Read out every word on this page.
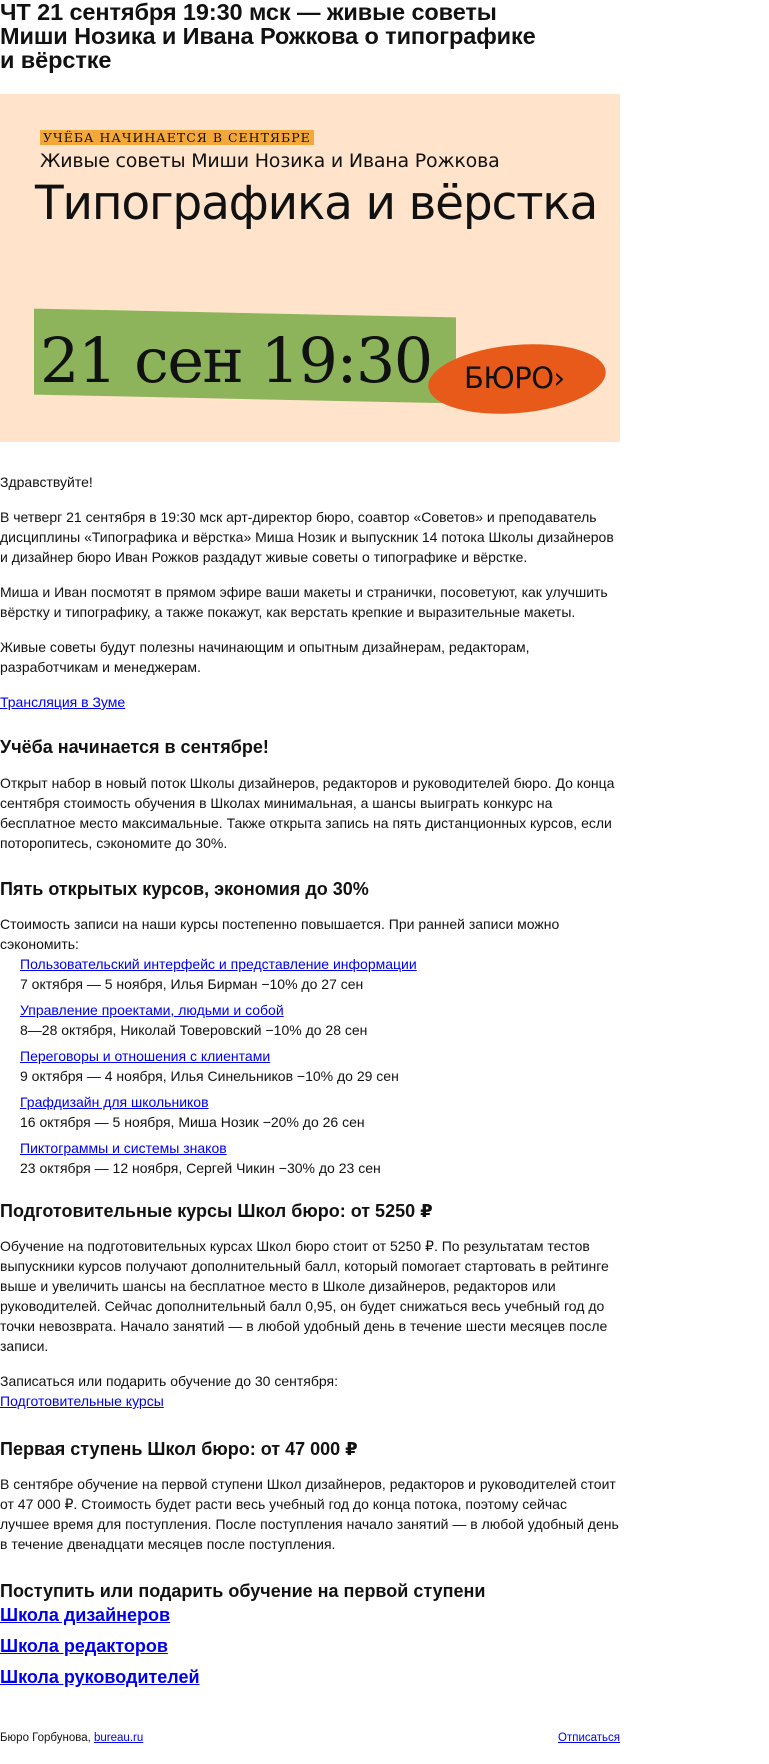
ЧТ 21 сентября 19:30 мск — живые советы
Миши Нозика и Ивана Рожкова о типографике
и вёрстке
УЧЁБА НАЧИНАЕТСЯ В СЕНТЯБРЕ
Живые советы Миши Нозика и Ивана Рожкова
Типографика и вёрстка
21 сен 19:30 БЮРО›

Здравствуйте!

В четверг 21 сентября в 19:30 мск арт-директор бюро, соавтор «Советов» и преподаватель дисциплины «Типографика и вёрстка» Миша Нозик и выпускник 14 потока Школы дизайнеров и дизайнер бюро Иван Рожков раздадут живые советы о типографике и вёрстке.

Миша и Иван посмотят в прямом эфире ваши макеты и странички, посоветуют, как улучшить вёрстку и типографику, а также покажут, как верстать крепкие и выразительные макеты.

Живые советы будут полезны начинающим и опытным дизайнерам, редакторам, разработчикам и менеджерам.

Трансляция в Зуме

Учёба начинается в сентябре!

Открыт набор в новый поток Школы дизайнеров, редакторов и руководителей бюро. До конца сентября стоимость обучения в Школах минимальная, а шансы выиграть конкурс на бесплатное место максимальные. Также открыта запись на пять дистанционных курсов, если поторопитесь, сэкономите до 30%.

Пять открытых курсов, экономия до 30%

Стоимость записи на наши курсы постепенно повышается. При ранней записи можно сэкономить:

Пользовательский интерфейс и представление информации
7 октября — 5 ноября, Илья Бирман −10% до 27 сен
Управление проектами, людьми и собой
8—28 октября, Николай Товеровский −10% до 28 сен
Переговоры и отношения с клиентами
9 октября — 4 ноября, Илья Синельников −10% до 29 сен
Графдизайн для школьников
16 октября — 5 ноября, Миша Нозик −20% до 26 сен
Пиктограммы и системы знаков
23 октября — 12 ноября, Сергей Чикин −30% до 23 сен
Подготовительные курсы Школ бюро: от 5250 ₽

Обучение на подготовительных курсах Школ бюро стоит от 5250 ₽. По результатам тестов выпускники курсов получают дополнительный балл, который помогает стартовать в рейтинге выше и увеличить шансы на бесплатное место в Школе дизайнеров, редакторов или руководителей. Сейчас дополнительный балл 0,95, он будет снижаться весь учебный год до точки невозврата. Начало занятий — в любой удобный день в течение шести месяцев после записи.

Записаться или подарить обучение до 30 сентября:
Подготовительные курсы

Первая ступень Школ бюро: от 47 000 ₽

В сентябре обучение на первой ступени Школ дизайнеров, редакторов и руководителей стоит от 47 000 ₽. Стоимость будет расти весь учебный год до конца потока, поэтому сейчас лучшее время для поступления. После поступления начало занятий — в любой удобный день в течение двенадцати месяцев после поступления.

Поступить или подарить обучение на первой ступени
Школа дизайнеров
Школа редакторов
Школа руководителей
Бюро Горбунова, bureau.ru	Отписаться
